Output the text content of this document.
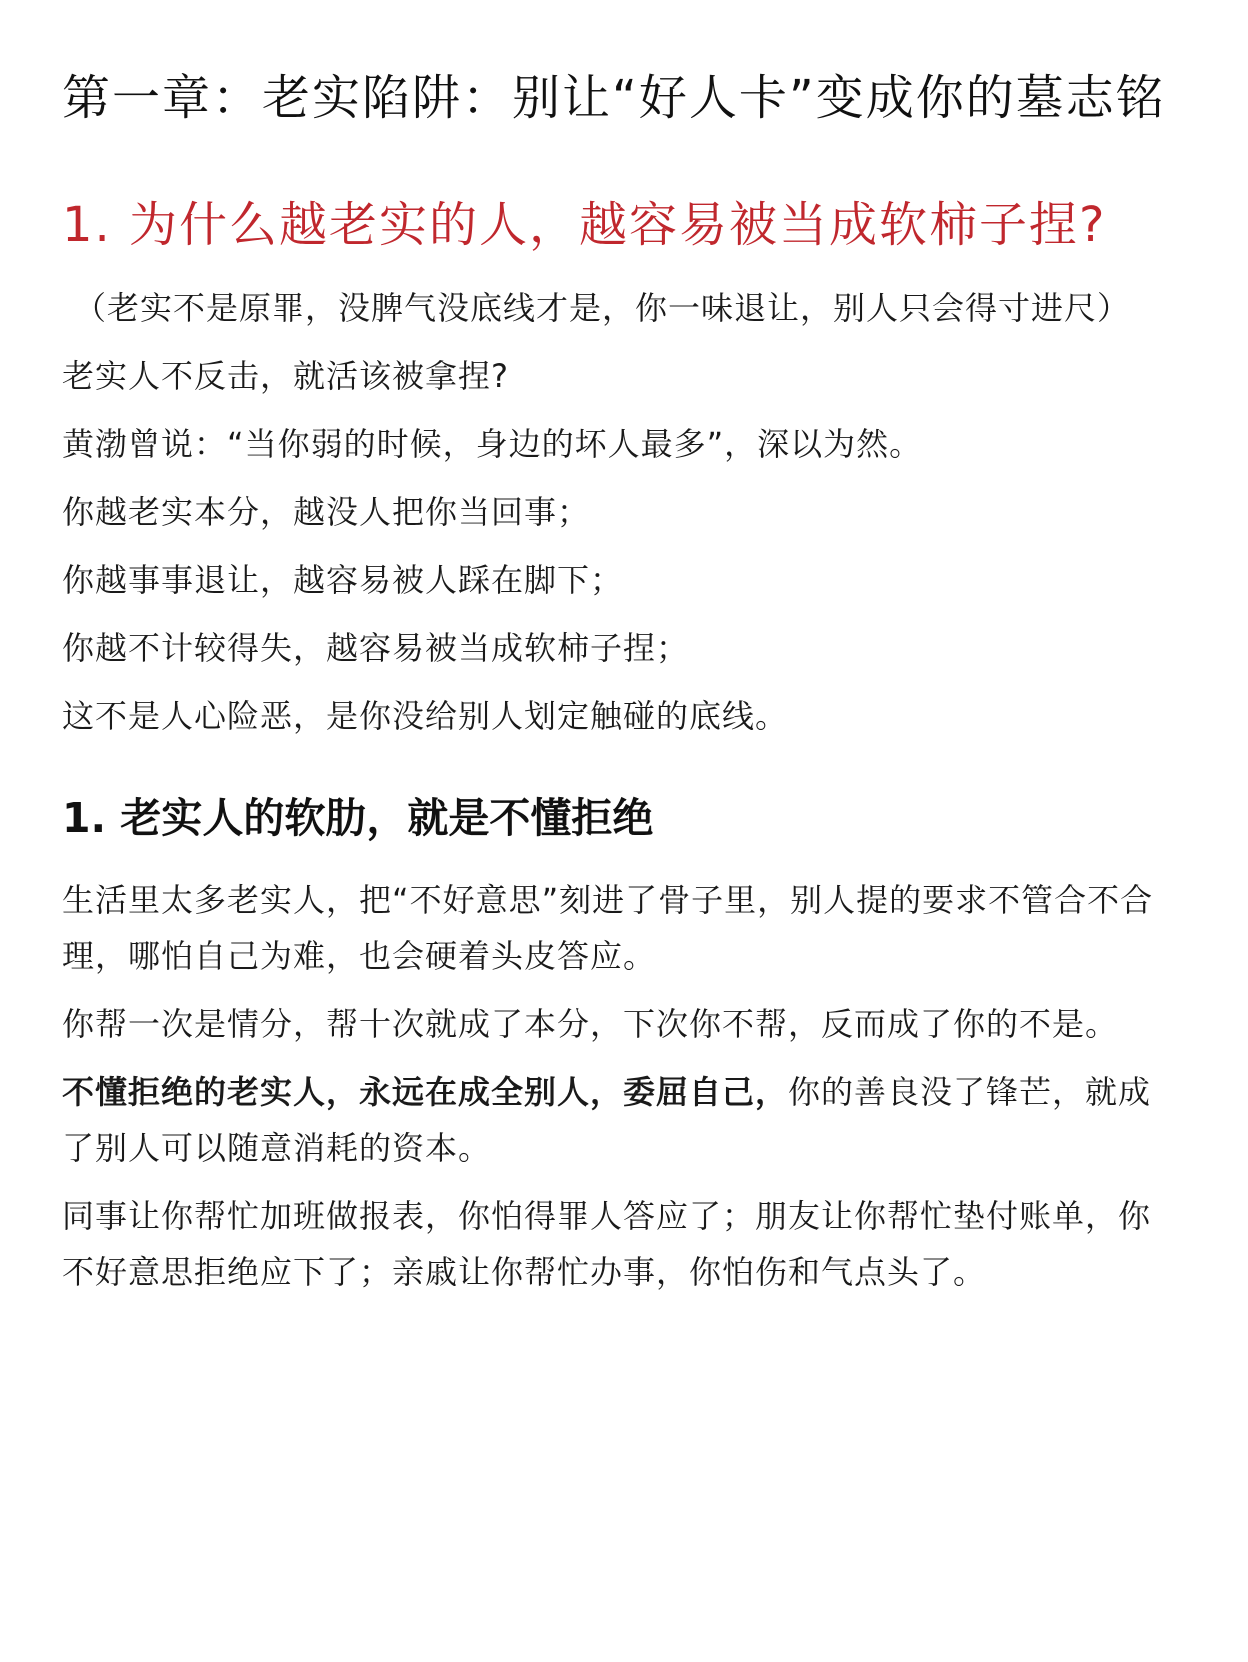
第一章：老实陷阱：别让“好人卡”变成你的墓志铭
1. 为什么越老实的人，越容易被当成软柿子捏?

（老实不是原罪，没脾气没底线才是，你一味退让，别人只会得寸进尺）

老实人不反击，就活该被拿捏?

黄渤曾说：“当你弱的时候，身边的坏人最多”，深以为然。

你越老实本分，越没人把你当回事；

你越事事退让，越容易被人踩在脚下；

你越不计较得失，越容易被当成软柿子捏；

这不是人心险恶，是你没给别人划定触碰的底线。

1. 老实人的软肋，就是不懂拒绝

生活里太多老实人，把“不好意思”刻进了骨子里，别人提的要求不管合不合理，哪怕自己为难，也会硬着头皮答应。

你帮一次是情分，帮十次就成了本分，下次你不帮，反而成了你的不是。

不懂拒绝的老实人，永远在成全别人，委屈自己，你的善良没了锋芒，就成了别人可以随意消耗的资本。

同事让你帮忙加班做报表，你怕得罪人答应了；朋友让你帮忙垫付账单，你不好意思拒绝应下了；亲戚让你帮忙办事，你怕伤和气点头了。
